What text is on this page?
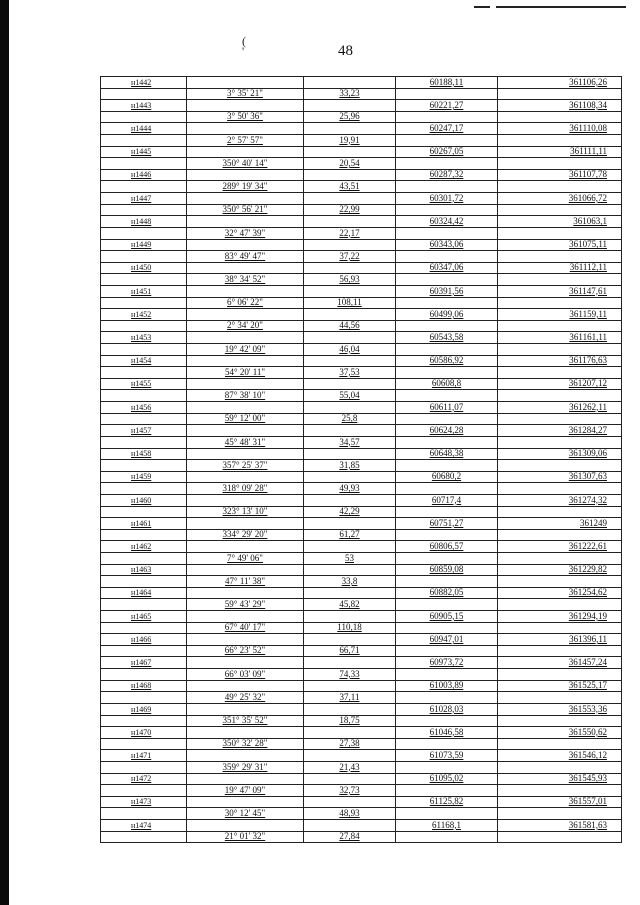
(
'	48
н1442	60188,11	361106,26
3° 35' 21"	33,23
н1443	60221,27	361108,34
3° 50' 36"	25,96
н1444	60247,17	361110,08
2° 57' 57"	19,91
н1445	60267,05	361111,11
350° 40' 14"	20,54
н1446	60287,32	361107,78
289° 19' 34"	43,51
н1447	60301,72	361066,72
350° 56' 21"	22,99
н1448	60324,42	361063,1
32° 47' 39"	22,17
н1449	60343,06	361075,11
83° 49' 47"	37,22
н1450	60347,06	361112,11
38° 34' 52"	56,93
н1451	60391,56	361147,61
6° 06' 22"	108,11
н1452	60499,06	361159,11
2° 34' 20"	44,56
н1453	60543,58	361161,11
19° 42' 09"	46,04
н1454	60586,92	361176,63
54° 20' 11"	37,53
н1455	60608,8	361207,12
87° 38' 10"	55,04
н1456	60611,07	361262,11
59° 12' 00"	25,8
н1457	60624,28	361284,27
45° 48' 31"	34,57
н1458	60648,38	361309,06
357° 25' 37"	31,85
н1459	60680,2	361307,63
318° 09' 28"	49,93
н1460	60717,4	361274,32
323° 13' 10"	42,29
н1461	60751,27	361249
334° 29' 20"	61,27
н1462	60806,57	361222,61
7° 49' 06"	53
н1463	60859,08	361229,82
47° 11' 38"	33,8
н1464	60882,05	361254,62
59° 43' 29"	45,82
н1465	60905,15	361294,19
67° 40' 17"	110,18
н1466	60947,01	361396,11
66° 23' 52"	66,71
н1467	60973,72	361457,24
66° 03' 09"	74,33
н1468	61003,89	361525,17
49° 25' 32"	37,11
н1469	61028,03	361553,36
351° 35' 52"	18,75
н1470	61046,58	361550,62
350° 32' 28"	27,38
н1471	61073,59	361546,12
359° 29' 31"	21,43
н1472	61095,02	361545,93
19° 47' 09"	32,73
н1473	61125,82	361557,01
30° 12' 45"	48,93
н1474	61168,1	361581,63
21° 01' 32"	27,84
